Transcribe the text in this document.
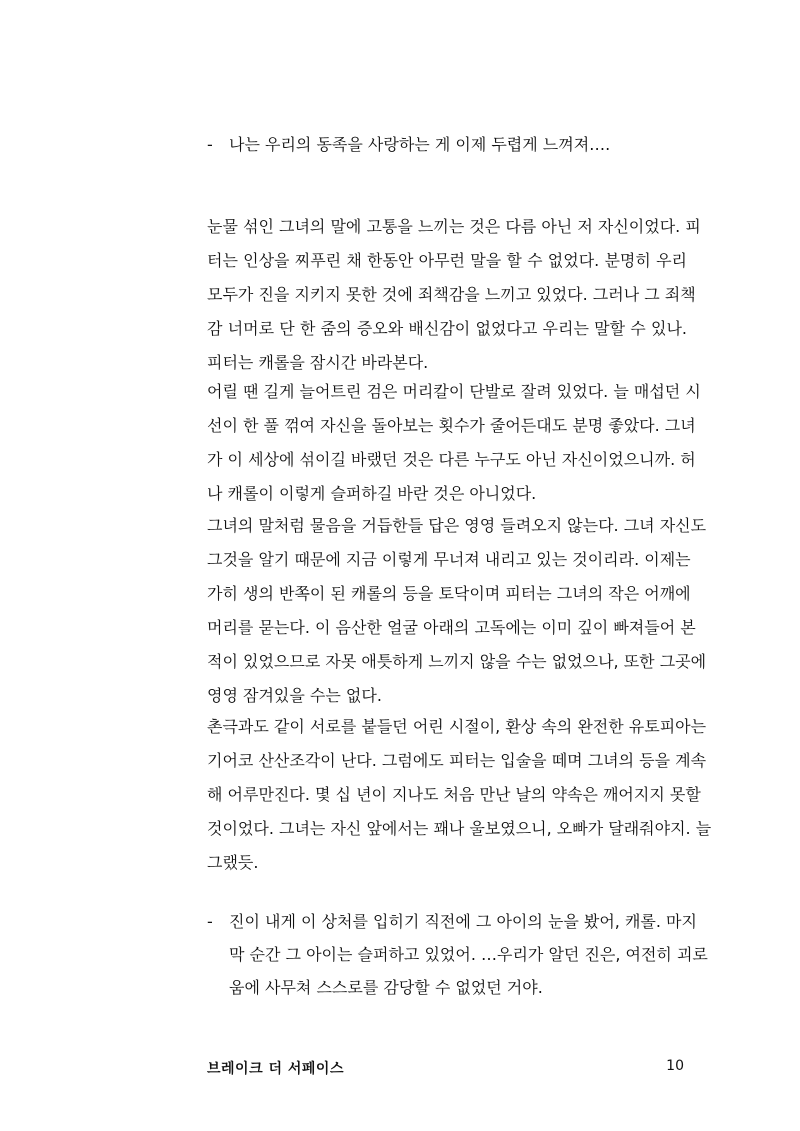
- 나는 우리의 동족을 사랑하는 게 이제 두렵게 느껴져….
눈물 섞인 그녀의 말에 고통을 느끼는 것은 다름 아닌 저 자신이었다. 피
터는 인상을 찌푸린 채 한동안 아무런 말을 할 수 없었다. 분명히 우리
모두가 진을 지키지 못한 것에 죄책감을 느끼고 있었다. 그러나 그 죄책
감 너머로 단 한 줌의 증오와 배신감이 없었다고 우리는 말할 수 있나.
피터는 캐롤을 잠시간 바라본다.
어릴 땐 길게 늘어트린 검은 머리칼이 단발로 잘려 있었다. 늘 매섭던 시
선이 한 풀 꺾여 자신을 돌아보는 횟수가 줄어든대도 분명 좋았다. 그녀
가 이 세상에 섞이길 바랬던 것은 다른 누구도 아닌 자신이었으니까. 허
나 캐롤이 이렇게 슬퍼하길 바란 것은 아니었다.
그녀의 말처럼 물음을 거듭한들 답은 영영 들려오지 않는다. 그녀 자신도
그것을 알기 때문에 지금 이렇게 무너져 내리고 있는 것이리라. 이제는
가히 생의 반쪽이 된 캐롤의 등을 토닥이며 피터는 그녀의 작은 어깨에
머리를 묻는다. 이 음산한 얼굴 아래의 고독에는 이미 깊이 빠져들어 본
적이 있었으므로 자못 애틋하게 느끼지 않을 수는 없었으나, 또한 그곳에
영영 잠겨있을 수는 없다.
촌극과도 같이 서로를 붙들던 어린 시절이, 환상 속의 완전한 유토피아는
기어코 산산조각이 난다. 그럼에도 피터는 입술을 떼며 그녀의 등을 계속
해 어루만진다. 몇 십 년이 지나도 처음 만난 날의 약속은 깨어지지 못할
것이었다. 그녀는 자신 앞에서는 꽤나 울보였으니, 오빠가 달래줘야지. 늘
그랬듯.
- 진이 내게 이 상처를 입히기 직전에 그 아이의 눈을 봤어, 캐롤. 마지
막 순간 그 아이는 슬퍼하고 있었어. …우리가 알던 진은, 여전히 괴로
움에 사무쳐 스스로를 감당할 수 없었던 거야.
브레이크 더 서페이스	10
